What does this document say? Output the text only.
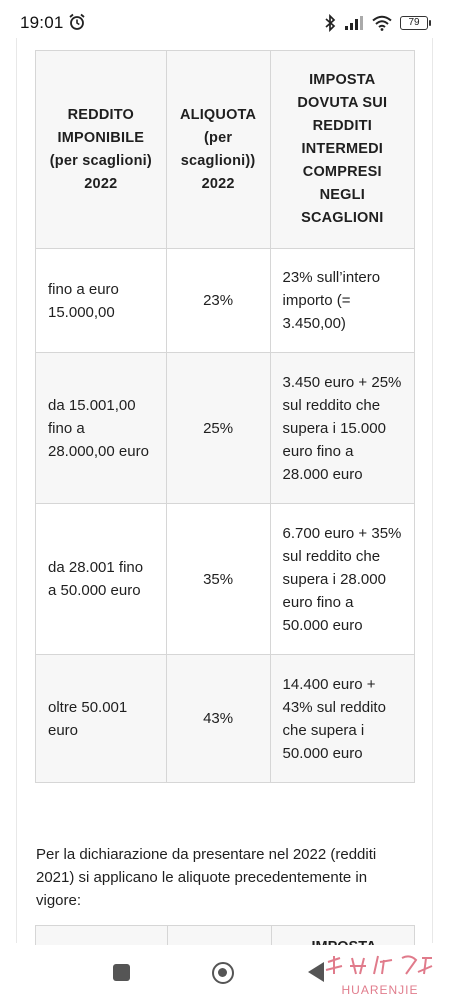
19:01	79
REDDITO IMPONIBILE (per scaglioni) 2022	ALIQUOTA (per scaglioni)) 2022	IMPOSTA DOVUTA SUI REDDITI INTERMEDI COMPRESI NEGLI SCAGLIONI
fino a euro 15.000,00	23%	23% sull’intero importo (= 3.450,00)
da 15.001,00 fino a 28.000,00 euro	25%	3.450 euro + 25% sul reddito che supera i 15.000 euro fino a 28.000 euro
da 28.001 fino a 50.000 euro	35%	6.700 euro + 35% sul reddito che supera i 28.000 euro fino a 50.000 euro
oltre 50.001 euro	43%	14.400 euro + 43% sul reddito che supera i 50.000 euro

Per la dichiarazione da presentare nel 2022 (redditi 2021) si applicano le aliquote precedentemente in vigore:

HUARENJIE
